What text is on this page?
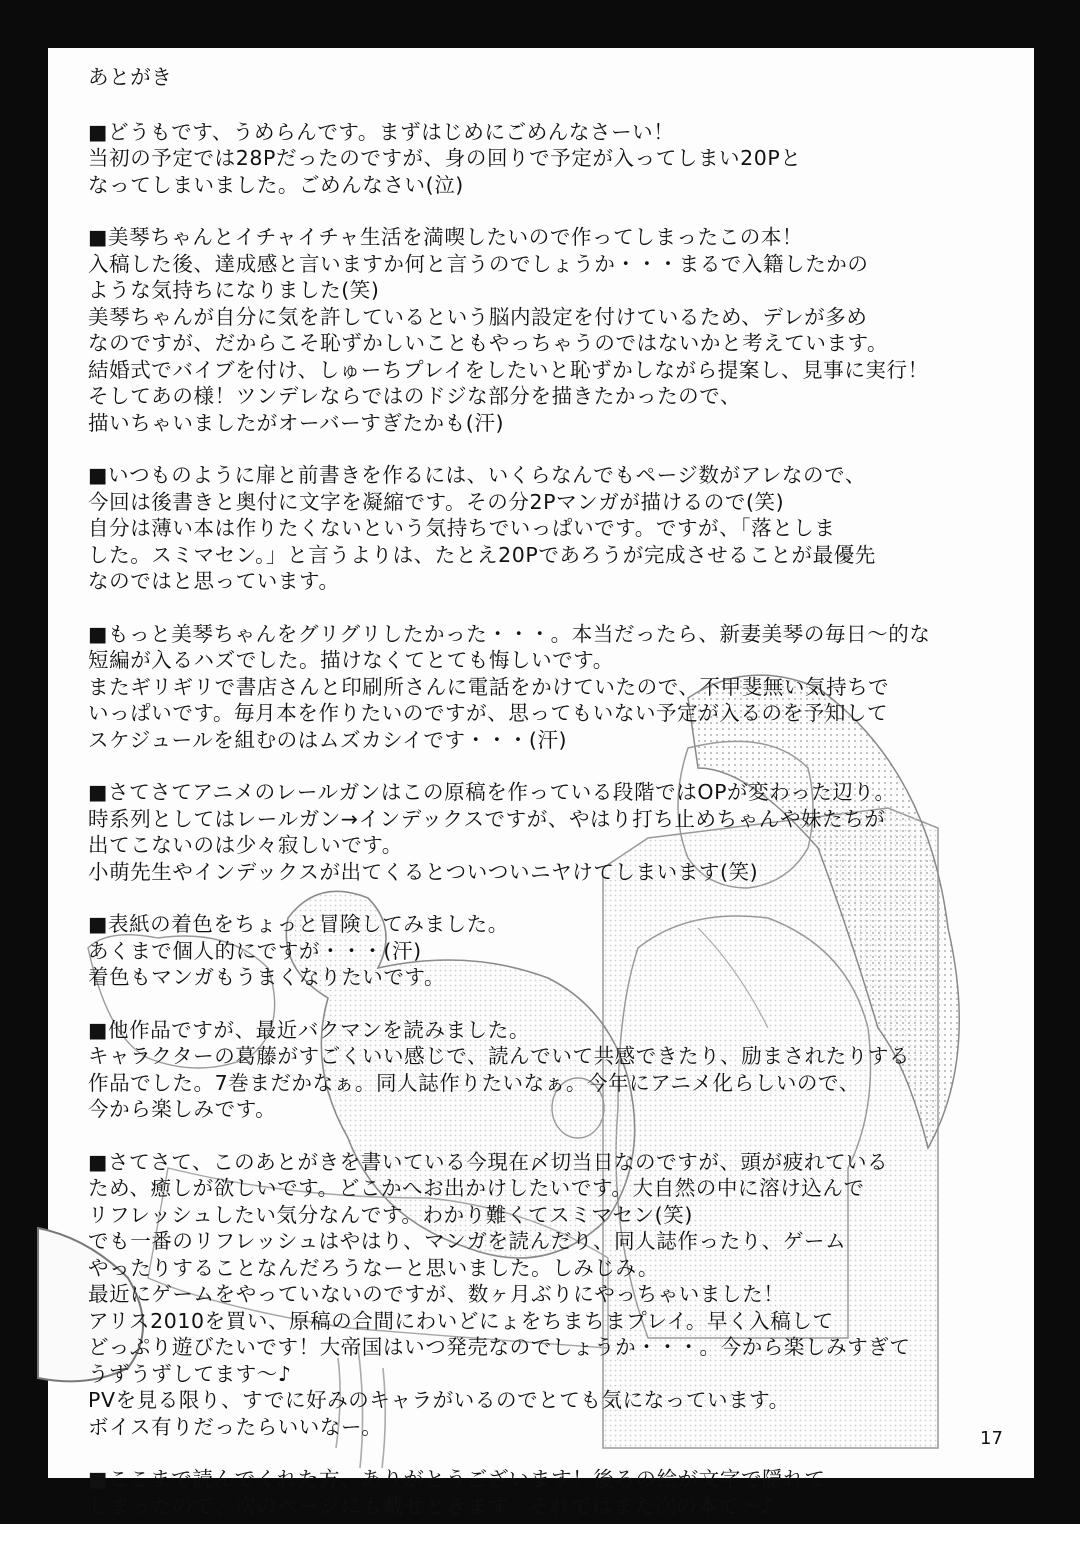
あとがき
■どうもです、うめらんです。まずはじめにごめんなさーい！
当初の予定では28Pだったのですが、身の回りで予定が入ってしまい20Pと
なってしまいました。ごめんなさい(泣)
■美琴ちゃんとイチャイチャ生活を満喫したいので作ってしまったこの本！
入稿した後、達成感と言いますか何と言うのでしょうか・・・まるで入籍したかの
ような気持ちになりました(笑)
美琴ちゃんが自分に気を許しているという脳内設定を付けているため、デレが多め
なのですが、だからこそ恥ずかしいこともやっちゃうのではないかと考えています。
結婚式でバイブを付け、しゅーちプレイをしたいと恥ずかしながら提案し、見事に実行！
そしてあの様！ツンデレならではのドジな部分を描きたかったので、
描いちゃいましたがオーバーすぎたかも(汗)
■いつものように扉と前書きを作るには、いくらなんでもページ数がアレなので、
今回は後書きと奥付に文字を凝縮です。その分2Pマンガが描けるので(笑)
自分は薄い本は作りたくないという気持ちでいっぱいです。ですが、「落としま
した。スミマセン。」と言うよりは、たとえ20Pであろうが完成させることが最優先
なのではと思っています。
■もっと美琴ちゃんをグリグリしたかった・・・。本当だったら、新妻美琴の毎日〜的な
短編が入るハズでした。描けなくてとても悔しいです。
またギリギリで書店さんと印刷所さんに電話をかけていたので、不甲斐無い気持ちで
いっぱいです。毎月本を作りたいのですが、思ってもいない予定が入るのを予知して
スケジュールを組むのはムズカシイです・・・(汗)
■さてさてアニメのレールガンはこの原稿を作っている段階ではOPが変わった辺り。
時系列としてはレールガン→インデックスですが、やはり打ち止めちゃんや妹たちが
出てこないのは少々寂しいです。
小萌先生やインデックスが出てくるとついついニヤけてしまいます(笑)
■表紙の着色をちょっと冒険してみました。
あくまで個人的にですが・・・(汗)
着色もマンガもうまくなりたいです。
■他作品ですが、最近バクマンを読みました。
キャラクターの葛藤がすごくいい感じで、読んでいて共感できたり、励まされたりする
作品でした。7巻まだかなぁ。同人誌作りたいなぁ。今年にアニメ化らしいので、
今から楽しみです。
■さてさて、このあとがきを書いている今現在〆切当日なのですが、頭が疲れている
ため、癒しが欲しいです。どこかへお出かけしたいです。大自然の中に溶け込んで
リフレッシュしたい気分なんです。わかり難くてスミマセン(笑)
でも一番のリフレッシュはやはり、マンガを読んだり、同人誌作ったり、ゲーム
やったりすることなんだろうなーと思いました。しみじみ。
最近にゲームをやっていないのですが、数ヶ月ぶりにやっちゃいました！
アリス2010を買い、原稿の合間にわいどにょをちまちまプレイ。早く入稿して
どっぷり遊びたいです！大帝国はいつ発売なのでしょうか・・・。今から楽しみすぎて
うずうずしてます〜♪
PVを見る限り、すでに好みのキャラがいるのでとても気になっています。
ボイス有りだったらいいなー。
■ここまで読んでくれた方、ありがとうございます！後ろの絵が文字で隠れて
しまったので、次のページにも載せときます。それではまた次の本で〜♪
17
